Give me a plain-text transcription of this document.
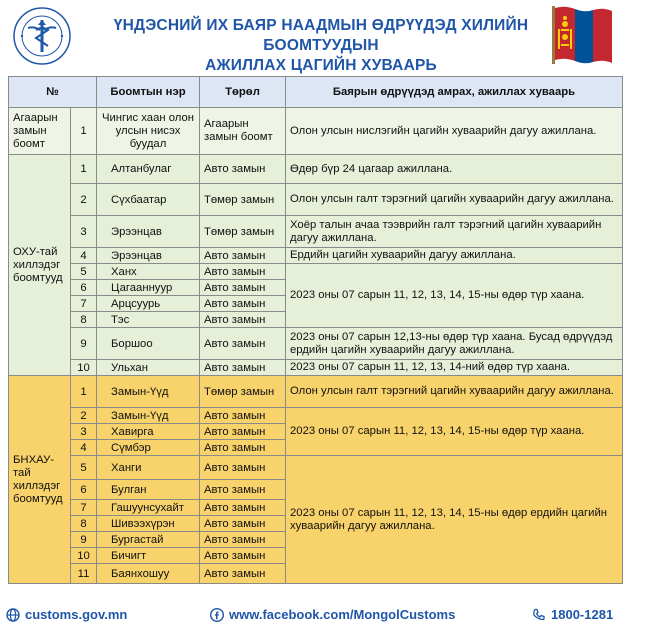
ҮНДЭСНИЙ ИХ БАЯР НААДМЫН ӨДРҮҮДЭД ХИЛИЙН БООМТУУДЫН
АЖИЛЛАХ ЦАГИЙН ХУВААРЬ
№		Боомтын нэр	Төрөл	Баярын өдрүүдэд амрах, ажиллах хуваарь
Агаарын замын боомт	1	Чингис хаан олон улсын нисэх буудал	Агаарын замын боомт	Олон улсын нислэгийн цагийн хуваарийн дагуу ажиллана.
ОХУ-тай хиллэдэг боомтууд	1	Алтанбулаг	Авто замын	Өдөр бүр 24 цагаар ажиллана.
	2	Сүхбаатар	Төмөр замын	Олон улсын галт тэрэгний цагийн хуваарийн дагуу ажиллана.
	3	Эрээнцав	Төмөр замын	Хоёр талын ачаа тээврийн галт тэрэгний цагийн хуваарийн дагуу ажиллана.
	4	Эрээнцав	Авто замын	Ердийн цагийн хуваарийн дагуу ажиллана.
	5	Ханх	Авто замын	2023 оны 07 сарын 11, 12, 13, 14, 15-ны өдөр түр хаана.
	6	Цагааннуур	Авто замын	
	7	Арцсуурь	Авто замын	
	8	Тэс	Авто замын	
	9	Боршоо	Авто замын	2023 оны 07 сарын 12,13-ны өдөр түр хаана. Бусад өдрүүдэд ердийн цагийн хуваарийн дагуу ажиллана.
	10	Ульхан	Авто замын	2023 оны 07 сарын 11, 12, 13, 14-ний өдөр түр хаана.
БНХАУ-тай хиллэдэг боомтууд	1	Замын-Үүд	Төмөр замын	Олон улсын галт тэрэгний цагийн хуваарийн дагуу ажиллана.
	2	Замын-Үүд	Авто замын	2023 оны 07 сарын 11, 12, 13, 14, 15-ны өдөр түр хаана.
	3	Хавирга	Авто замын	
	4	Сүмбэр	Авто замын	
	5	Ханги	Авто замын	2023 оны 07 сарын 11, 12, 13, 14, 15-ны өдөр ердийн цагийн хуваарийн дагуу ажиллана.
	6	Булган	Авто замын	
	7	Гашуунсухайт	Авто замын	
	8	Шивээхүрэн	Авто замын	
	9	Бургастай	Авто замын	
	10	Бичигт	Авто замын	
	11	Баянхошуу	Авто замын	
customs.gov.mn	www.facebook.com/MongolCustoms	1800-1281
